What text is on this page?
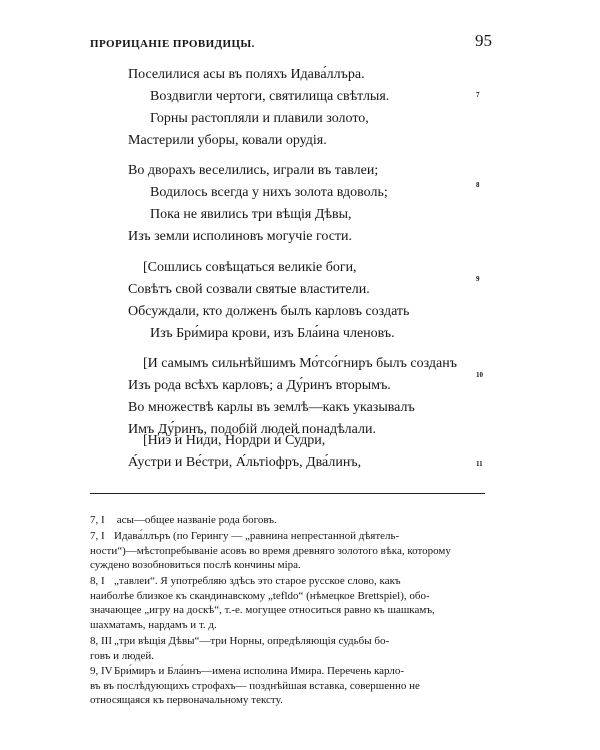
ПРОРИЦАНIЕ ПРОВИДИЦЫ.	95
Поселилися асы въ поляхъ Идава́ллъра.
Воздвигли чертоги, святилища свѣтлыя.
Горны растопляли и плавили золото,
Мастерили уборы, ковали орудiя.
7
Во дворахъ веселились, играли въ тавлеи;
Водилось всегда у нихъ золота вдоволь;
Пока не явились три вѣщiя Дѣвы,
Изъ земли исполиновъ могучiе гости.
8
[Сошлись совѣщаться великiе боги,
Совѣтъ свой созвали святые властители.
Обсуждали, кто долженъ былъ карловъ создать
Изъ Бри́мира крови, изъ Бла́ина членовъ.
9
[И самымъ сильнѣйшимъ Мо́тсо́гниръ былъ созданъ
Изъ рода всѣхъ карловъ; а Ду́ринъ вторымъ.
Во множествѣ карлы въ землѣ—какъ указывалъ
Имъ Ду́ринъ, подобiй людей понадѣлали.
10
[Ни́э и Ни́ди, Но́рдри и Су́дри,
А́устри и Ве́стри, А́льтiофръ, Два́линъ,	11
7, I асы—общее названiе рода боговъ.
7, I Идава́ллъръ (по Герингу — „равнина непрестанной дѣятель-
ности“)—мѣстопребыванiе асовъ во время древняго золотого вѣка, которому
суждено возобновиться послѣ кончины мiра.
8, I „тавлеи“. Я употребляю здѣсь это старое русское слово, какъ
наиболѣе близкое къ скандинавскому „tefldo“ (нѣмецкое Brettspiel), обо-
значающее „игру на доскѣ“, т.-е. могущее относиться равно къ шашкамъ,
шахматамъ, нардамъ и т. д.
8, III „три вѣщiя Дѣвы“—три Норны, опредѣляющiя судьбы бо-
говъ и людей.
9, IVБри́миръ и Бла́инъ—имена исполина Имира. Перечень карло-
въ въ послѣдующихъ строфахъ— позднѣйшая вставка, совершенно не
относящаяся къ первоначальному тексту.
